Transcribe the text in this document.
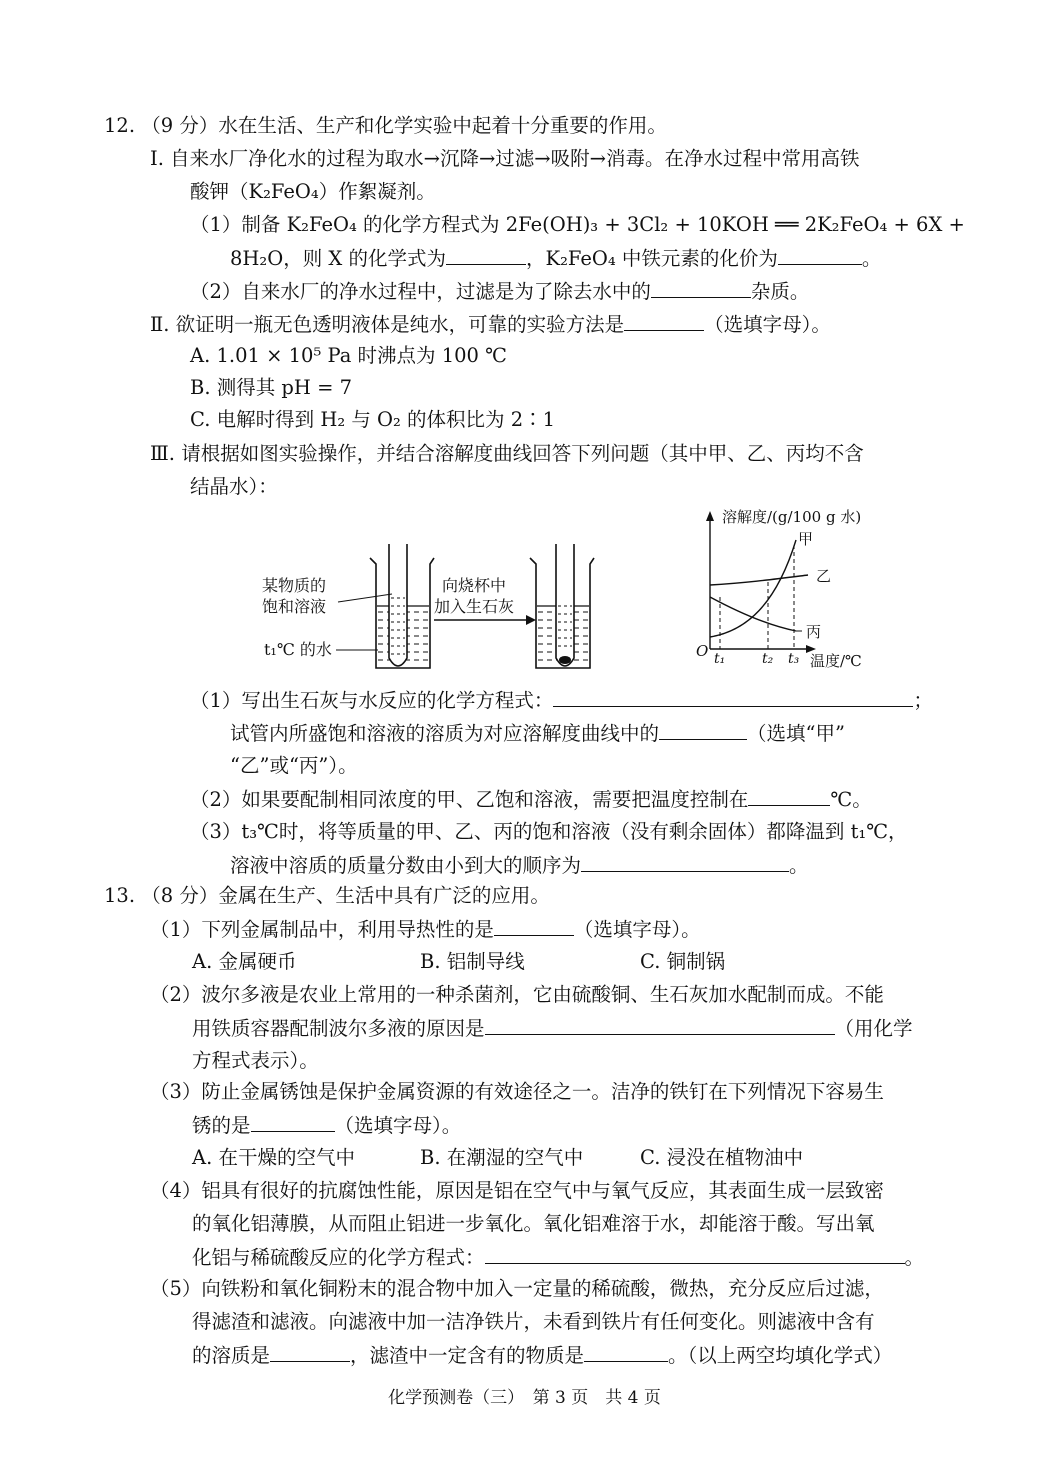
12. （9 分）水在生活、生产和化学实验中起着十分重要的作用。
Ⅰ. 自来水厂净化水的过程为取水→沉降→过滤→吸附→消毒。在净水过程中常用高铁
酸钾（K₂FeO₄）作絮凝剂。
（1）制备 K₂FeO₄ 的化学方程式为 2Fe(OH)₃ + 3Cl₂ + 10KOH ══ 2K₂FeO₄ + 6X +
8H₂O，则 X 的化学式为	，K₂FeO₄ 中铁元素的化价为	。
（2）自来水厂的净水过程中，过滤是为了除去水中的	杂质。
Ⅱ. 欲证明一瓶无色透明液体是纯水，可靠的实验方法是	（选填字母）。
A. 1.01 × 10⁵ Pa 时沸点为 100 ℃
B. 测得其 pH = 7
C. 电解时得到 H₂ 与 O₂ 的体积比为 2∶1
Ⅲ. 请根据如图实验操作，并结合溶解度曲线回答下列问题（其中甲、乙、丙均不含
结晶水）：
某物质的
饱和溶液
t₁℃ 的水
向烧杯中
加入生石灰
溶解度/(g/100 g 水)
甲
乙
丙
O t₁	t₂ t₃ 温度/℃
（1）写出生石灰与水反应的化学方程式：	；
试管内所盛饱和溶液的溶质为对应溶解度曲线中的	（选填“甲”
“乙”或“丙”）。
（2）如果要配制相同浓度的甲、乙饱和溶液，需要把温度控制在	℃。
（3）t₃℃时，将等质量的甲、乙、丙的饱和溶液（没有剩余固体）都降温到 t₁℃，
溶液中溶质的质量分数由小到大的顺序为	。
13. （8 分）金属在生产、生活中具有广泛的应用。
（1）下列金属制品中，利用导热性的是	（选填字母）。
A. 金属硬币	B. 铝制导线	C. 铜制锅
（2）波尔多液是农业上常用的一种杀菌剂，它由硫酸铜、生石灰加水配制而成。不能
用铁质容器配制波尔多液的原因是	（用化学
方程式表示）。
（3）防止金属锈蚀是保护金属资源的有效途径之一。洁净的铁钉在下列情况下容易生
锈的是	（选填字母）。
A. 在干燥的空气中	B. 在潮湿的空气中	C. 浸没在植物油中
（4）铝具有很好的抗腐蚀性能，原因是铝在空气中与氧气反应，其表面生成一层致密
的氧化铝薄膜，从而阻止铝进一步氧化。氧化铝难溶于水，却能溶于酸。写出氧
化铝与稀硫酸反应的化学方程式：	。
（5）向铁粉和氧化铜粉末的混合物中加入一定量的稀硫酸，微热，充分反应后过滤，
得滤渣和滤液。向滤液中加一洁净铁片，未看到铁片有任何变化。则滤液中含有
的溶质是	，滤渣中一定含有的物质是	。（以上两空均填化学式）
化学预测卷（三）　第 3 页　共 4 页
